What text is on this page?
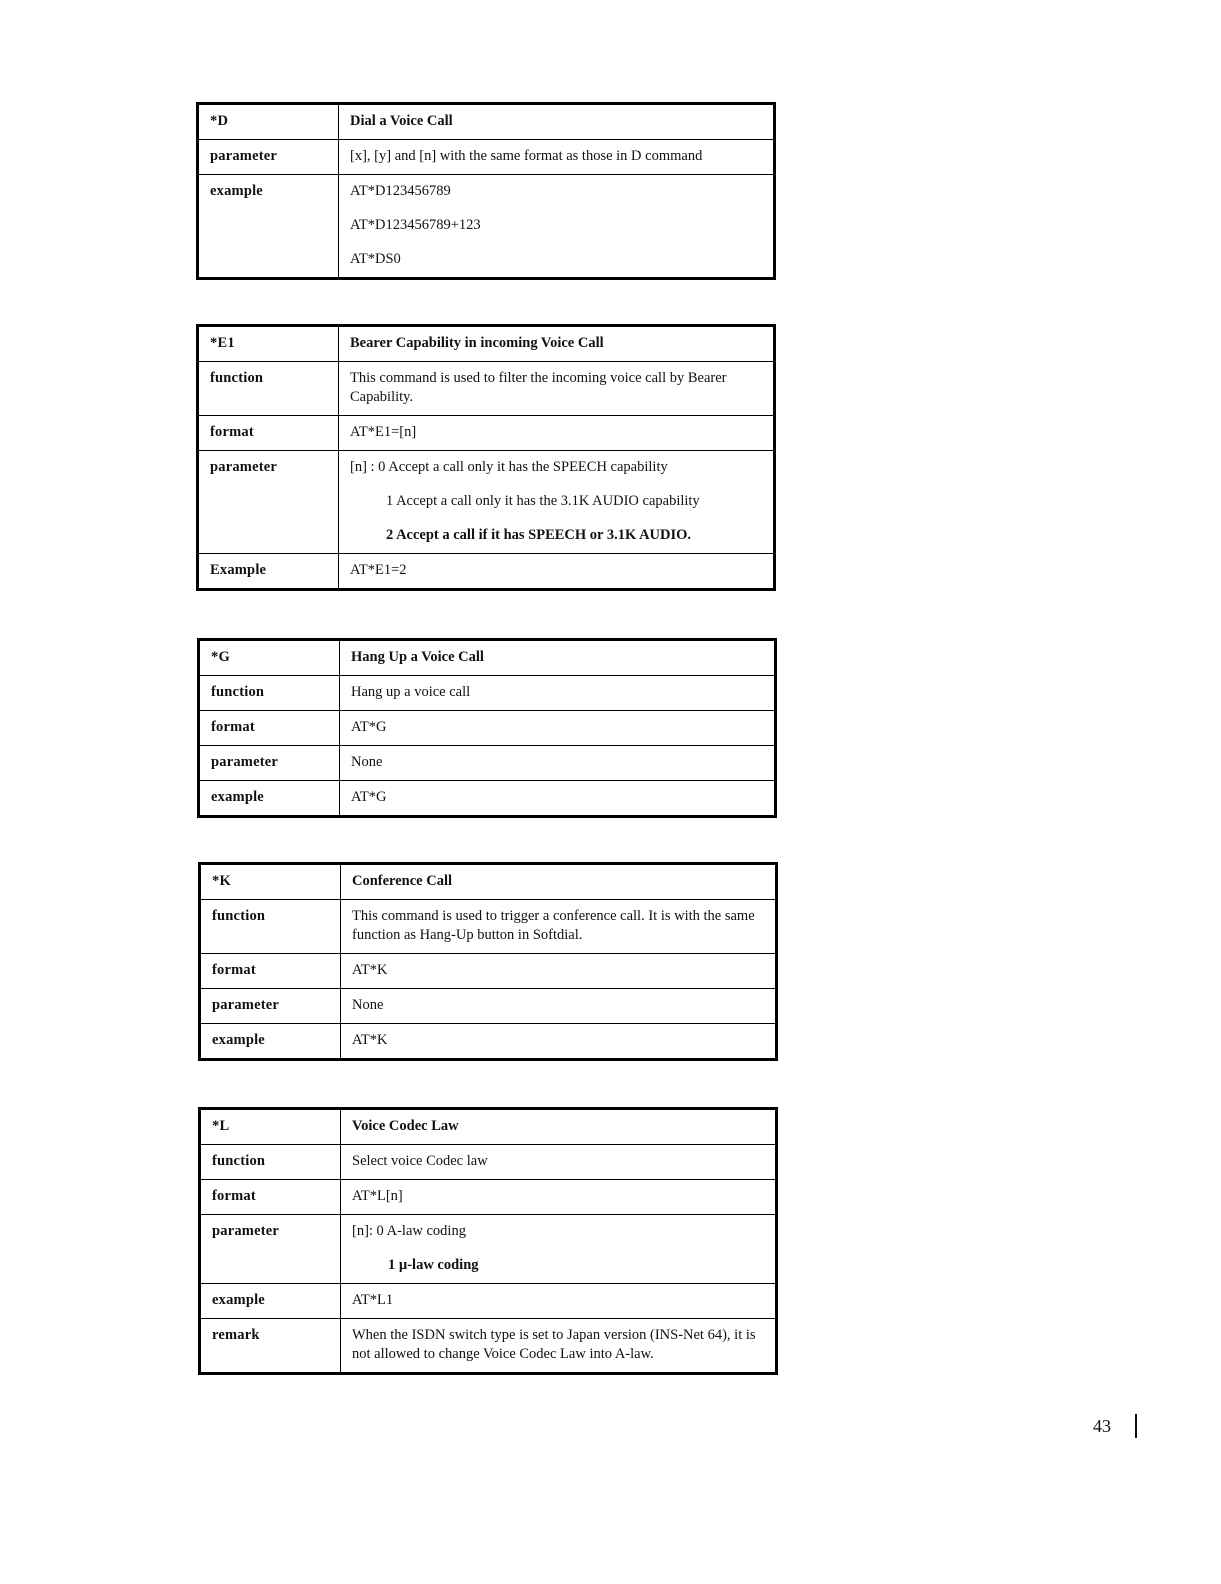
*D	Dial a Voice Call
parameter	[x], [y] and [n] with the same format as those in D command
example	AT*D123456789
AT*D123456789+123
AT*DS0
*E1	Bearer Capability in incoming Voice Call
function	This command is used to filter the incoming voice call by Bearer Capability.
format	AT*E1=[n]
parameter	[n] : 0 Accept a call only it has the SPEECH capability
1 Accept a call only it has the 3.1K AUDIO capability
2 Accept a call if it has SPEECH or 3.1K AUDIO.

Example	AT*E1=2
*G	Hang Up a Voice Call
function	Hang up a voice call
format	AT*G
parameter	None
example	AT*G
*K	Conference Call
function	This command is used to trigger a conference call. It is with the same function as Hang-Up button in Softdial.
format	AT*K
parameter	None
example	AT*K
*L	Voice Codec Law
function	Select voice Codec law
format	AT*L[n]
parameter	[n]: 0 A-law coding
1 µ-law coding

example	AT*L1
remark	When the ISDN switch type is set to Japan version (INS-Net 64), it is not allowed to change Voice Codec Law into A-law.
43
